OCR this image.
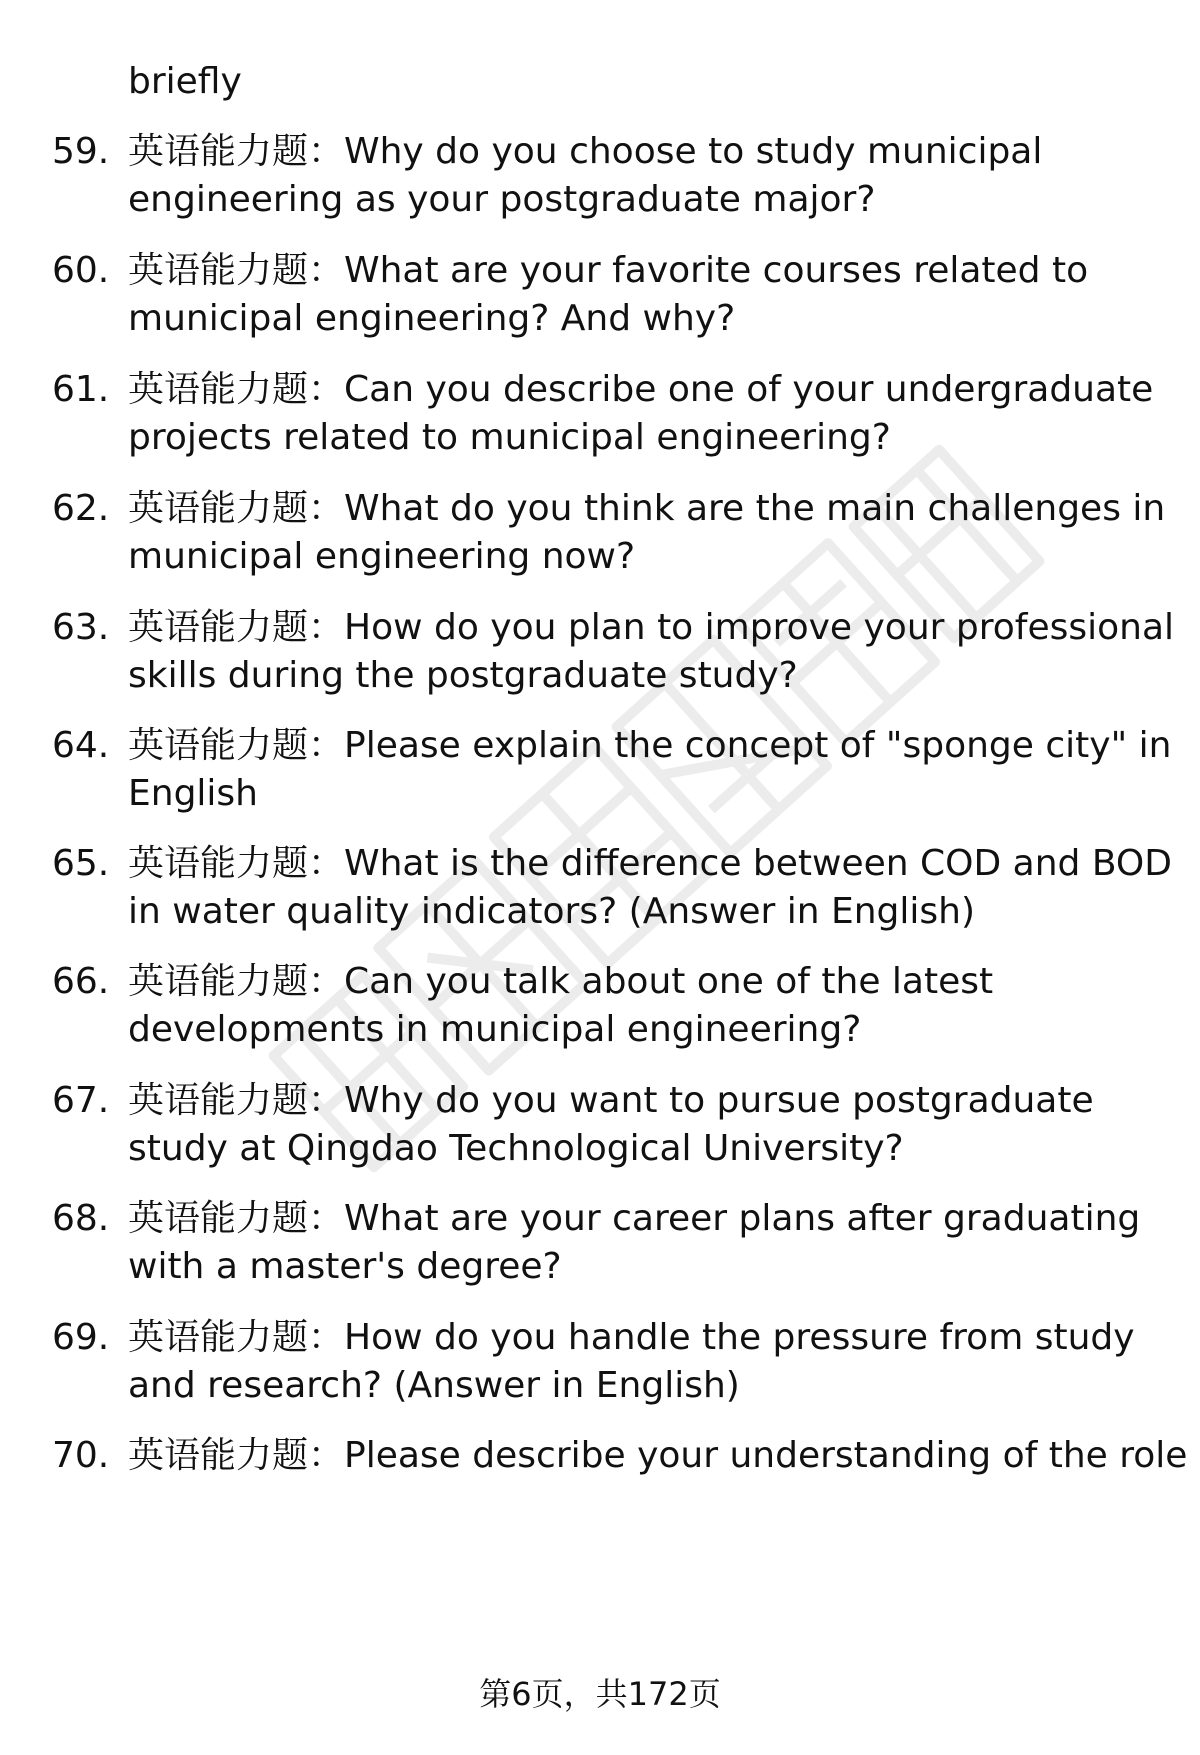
briefly
59. 英语能力题：Why do you choose to study municipal
engineering as your postgraduate major?
60. 英语能力题：What are your favorite courses related to
municipal engineering? And why?
61. 英语能力题：Can you describe one of your undergraduate
projects related to municipal engineering?
62. 英语能力题：What do you think are the main challenges in
municipal engineering now?
63. 英语能力题：How do you plan to improve your professional
skills during the postgraduate study?
64. 英语能力题：Please explain the concept of "sponge city" in
English
65. 英语能力题：What is the difference between COD and BOD
in water quality indicators? (Answer in English)
66. 英语能力题：Can you talk about one of the latest
developments in municipal engineering?
67. 英语能力题：Why do you want to pursue postgraduate
study at Qingdao Technological University?
68. 英语能力题：What are your career plans after graduating
with a master's degree?
69. 英语能力题：How do you handle the pressure from study
and research? (Answer in English)
70. 英语能力题：Please describe your understanding of the role
第6页，共172页
